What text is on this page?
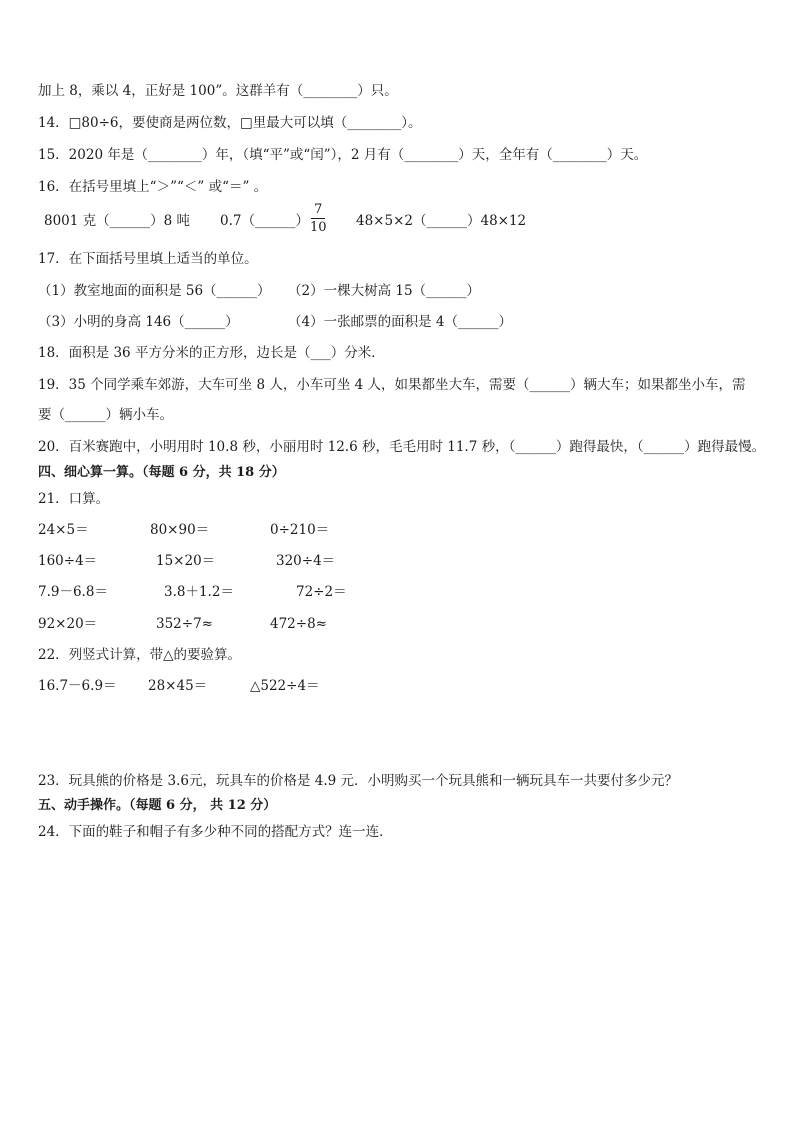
加上 8，乘以 4，正好是 100”。这群羊有（________）只。
14．□80÷6，要使商是两位数，□里最大可以填（________）。
15．2020 年是（________）年，（填“平”或“闰”），2 月有（________）天，全年有（________）天。
16．在括号里填上“＞”“＜” 或“＝” 。
8001 克（______）8 吨 0.7（______）
7
10 48×5×2（______）48×12
17．在下面括号里填上适当的单位。
（1）教室地面的面积是 56（______） （2）一棵大树高 15（______）
（3）小明的身高 146（______）	（4）一张邮票的面积是 4（______）
18．面积是 36 平方分米的正方形，边长是（___）分米．
19．35 个同学乘车郊游，大车可坐 8 人，小车可坐 4 人，如果都坐大车，需要（______）辆大车；如果都坐小车，需
要（______）辆小车。
20．百米赛跑中，小明用时 10.8 秒，小丽用时 12.6 秒，毛毛用时 11.7 秒，（______）跑得最快，（______）跑得最慢。
四、细心算一算。（每题 6 分，共 18 分）
21．口算。
24×5＝	80×90＝	0÷210＝
160÷4＝	15×20＝	320÷4＝
7.9－6.8＝	3.8＋1.2＝	72÷2＝
92×20＝	352÷7≈	472÷8≈
22．列竖式计算，带△的要验算。
16.7－6.9＝ 28×45＝	△522÷4＝
23．玩具熊的价格是 3.6元，玩具车的价格是 4.9 元．小明购买一个玩具熊和一辆玩具车一共要付多少元？
五、动手操作。（每题 6 分， 共 12 分）
24．下面的鞋子和帽子有多少种不同的搭配方式？连一连．
